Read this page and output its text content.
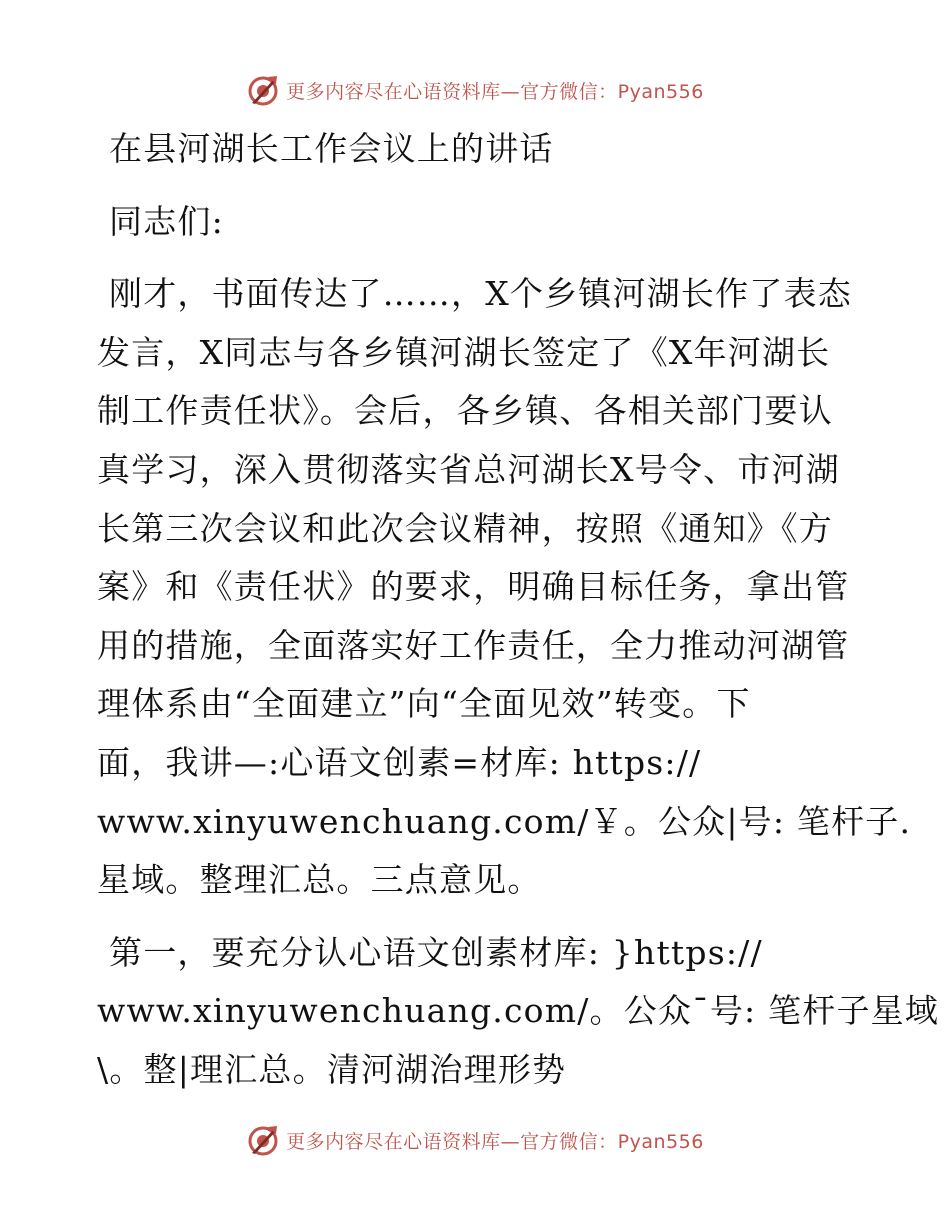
更多内容尽在心语资料库—官方微信：Pyan556
在县河湖长工作会议上的讲话
同志们:
刚才，书面传达了……，X个乡镇河湖长作了表态
发言，X同志与各乡镇河湖长签定了《X年河湖长
制工作责任状》。会后，各乡镇、各相关部门要认
真学习，深入贯彻落实省总河湖长X号令、市河湖
长第三次会议和此次会议精神，按照《通知》《方
案》和《责任状》的要求，明确目标任务，拿出管
用的措施，全面落实好工作责任，全力推动河湖管
理体系由“全面建立”向“全面见效”转变。下
面，我讲—:心语文创素=材库: https://
www.xinyuwenchuang.com/￥。公众|号: 笔杆子.
星域。整理汇总。三点意见。
第一，要充分认心语文创素材库: }https://
www.xinyuwenchuang.com/。公众¯号: 笔杆子星域
\。整|理汇总。清河湖治理形势
更多内容尽在心语资料库—官方微信：Pyan556
